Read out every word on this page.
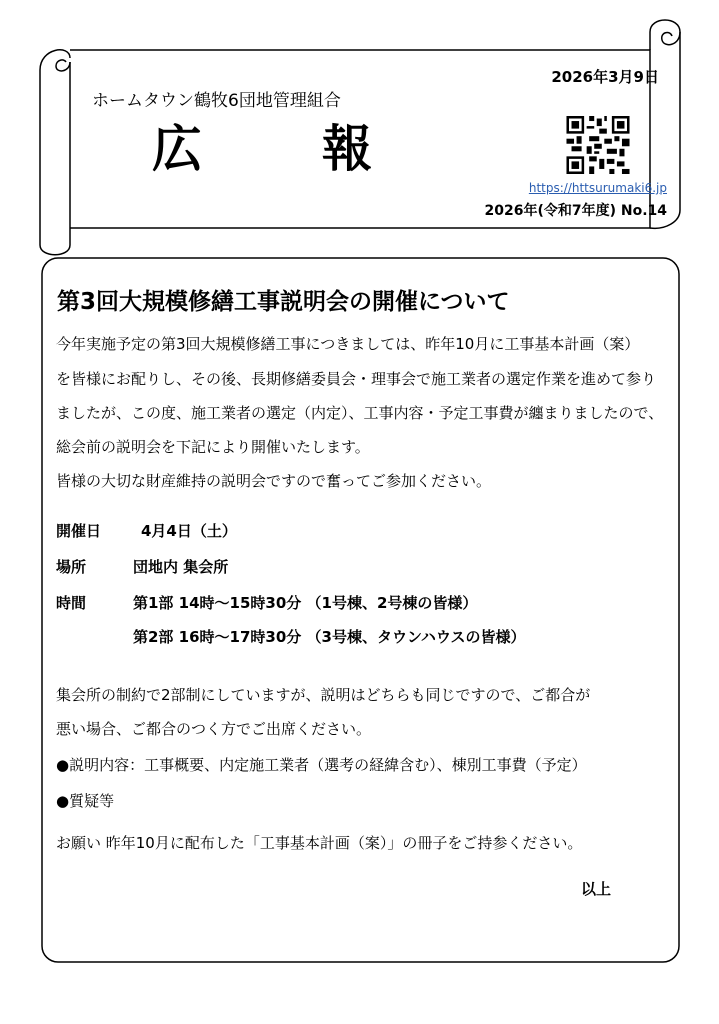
2026年3月9日
ホームタウン鶴牧6団地管理組合
広報
https://httsurumaki6.jp
2026年(令和7年度) No.14
第3回大規模修繕工事説明会の開催について
今年実施予定の第3回大規模修繕工事につきましては、昨年10月に工事基本計画（案）
を皆様にお配りし、その後、長期修繕委員会・理事会で施工業者の選定作業を進めて参り
ましたが、この度、施工業者の選定（内定）、工事内容・予定工事費が纏まりましたので、
総会前の説明会を下記により開催いたします。
皆様の大切な財産維持の説明会ですので奮ってご参加ください。
開催日	4月4日（土）
場所	団地内 集会所
時間	第1部 14時～15時30分 （1号棟、2号棟の皆様）
第2部 16時～17時30分 （3号棟、タウンハウスの皆様）
集会所の制約で2部制にしていますが、説明はどちらも同じですので、ご都合が
悪い場合、ご都合のつく方でご出席ください。
●説明内容：工事概要、内定施工業者（選考の経緯含む）、棟別工事費（予定）
●質疑等
お願い 昨年10月に配布した「工事基本計画（案）」の冊子をご持参ください。
以上
